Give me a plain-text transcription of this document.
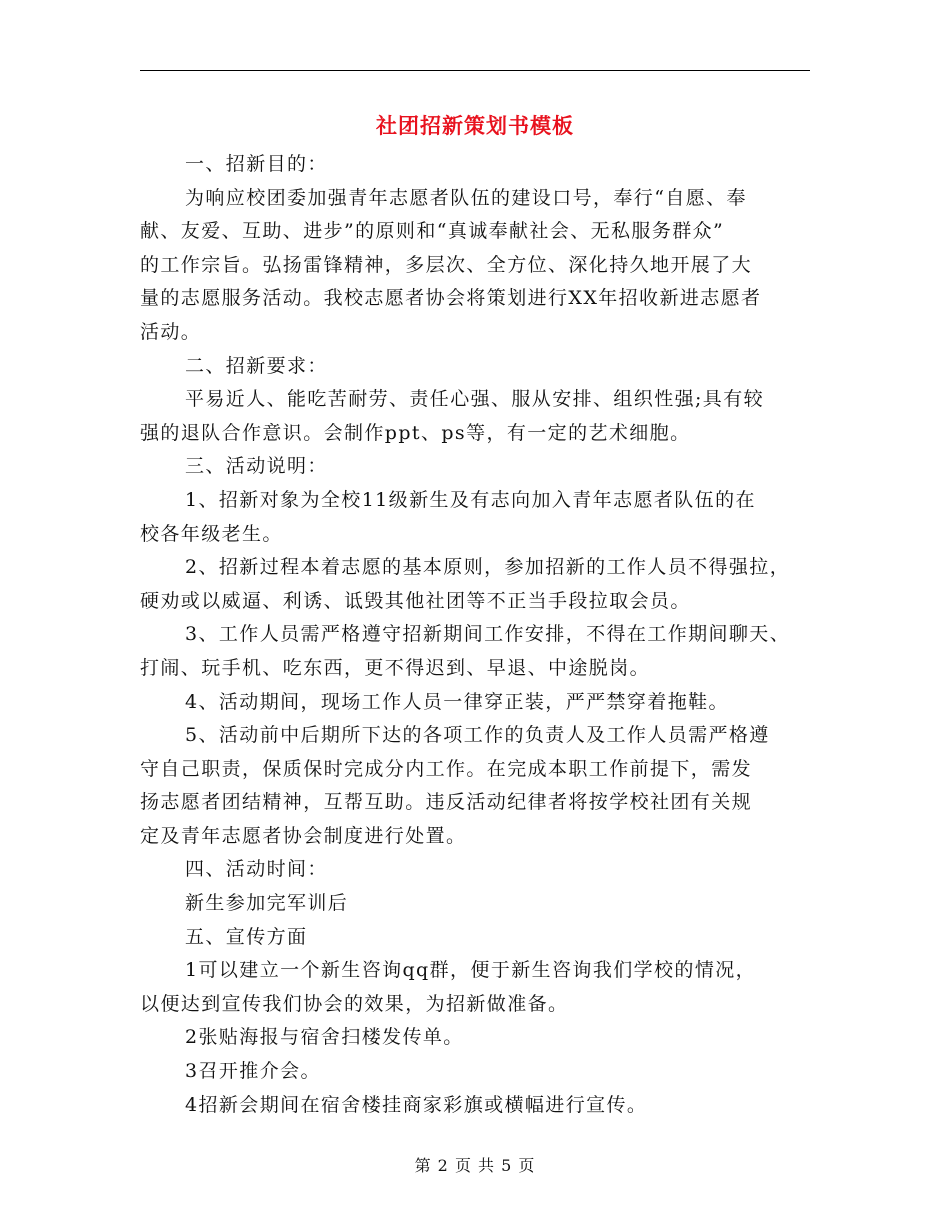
社团招新策划书模板

一、招新目的：

为响应校团委加强青年志愿者队伍的建设口号，奉行“自愿、奉
献、友爱、互助、进步”的原则和“真诚奉献社会、无私服务群众”
的工作宗旨。弘扬雷锋精神，多层次、全方位、深化持久地开展了大
量的志愿服务活动。我校志愿者协会将策划进行XX年招收新进志愿者
活动。

二、招新要求：

平易近人、能吃苦耐劳、责任心强、服从安排、组织性强;具有较
强的退队合作意识。会制作ppt、ps等，有一定的艺术细胞。

三、活动说明：

1、招新对象为全校11级新生及有志向加入青年志愿者队伍的在
校各年级老生。

2、招新过程本着志愿的基本原则，参加招新的工作人员不得强拉，
硬劝或以威逼、利诱、诋毁其他社团等不正当手段拉取会员。

3、工作人员需严格遵守招新期间工作安排，不得在工作期间聊天、
打闹、玩手机、吃东西，更不得迟到、早退、中途脱岗。

4、活动期间，现场工作人员一律穿正装，严严禁穿着拖鞋。

5、活动前中后期所下达的各项工作的负责人及工作人员需严格遵
守自己职责，保质保时完成分内工作。在完成本职工作前提下，需发
扬志愿者团结精神，互帮互助。违反活动纪律者将按学校社团有关规
定及青年志愿者协会制度进行处置。

四、活动时间：

新生参加完军训后

五、宣传方面

1可以建立一个新生咨询qq群，便于新生咨询我们学校的情况，
以便达到宣传我们协会的效果，为招新做准备。

2张贴海报与宿舍扫楼发传单。

3召开推介会。

4招新会期间在宿舍楼挂商家彩旗或横幅进行宣传。

第 2 页 共 5 页
